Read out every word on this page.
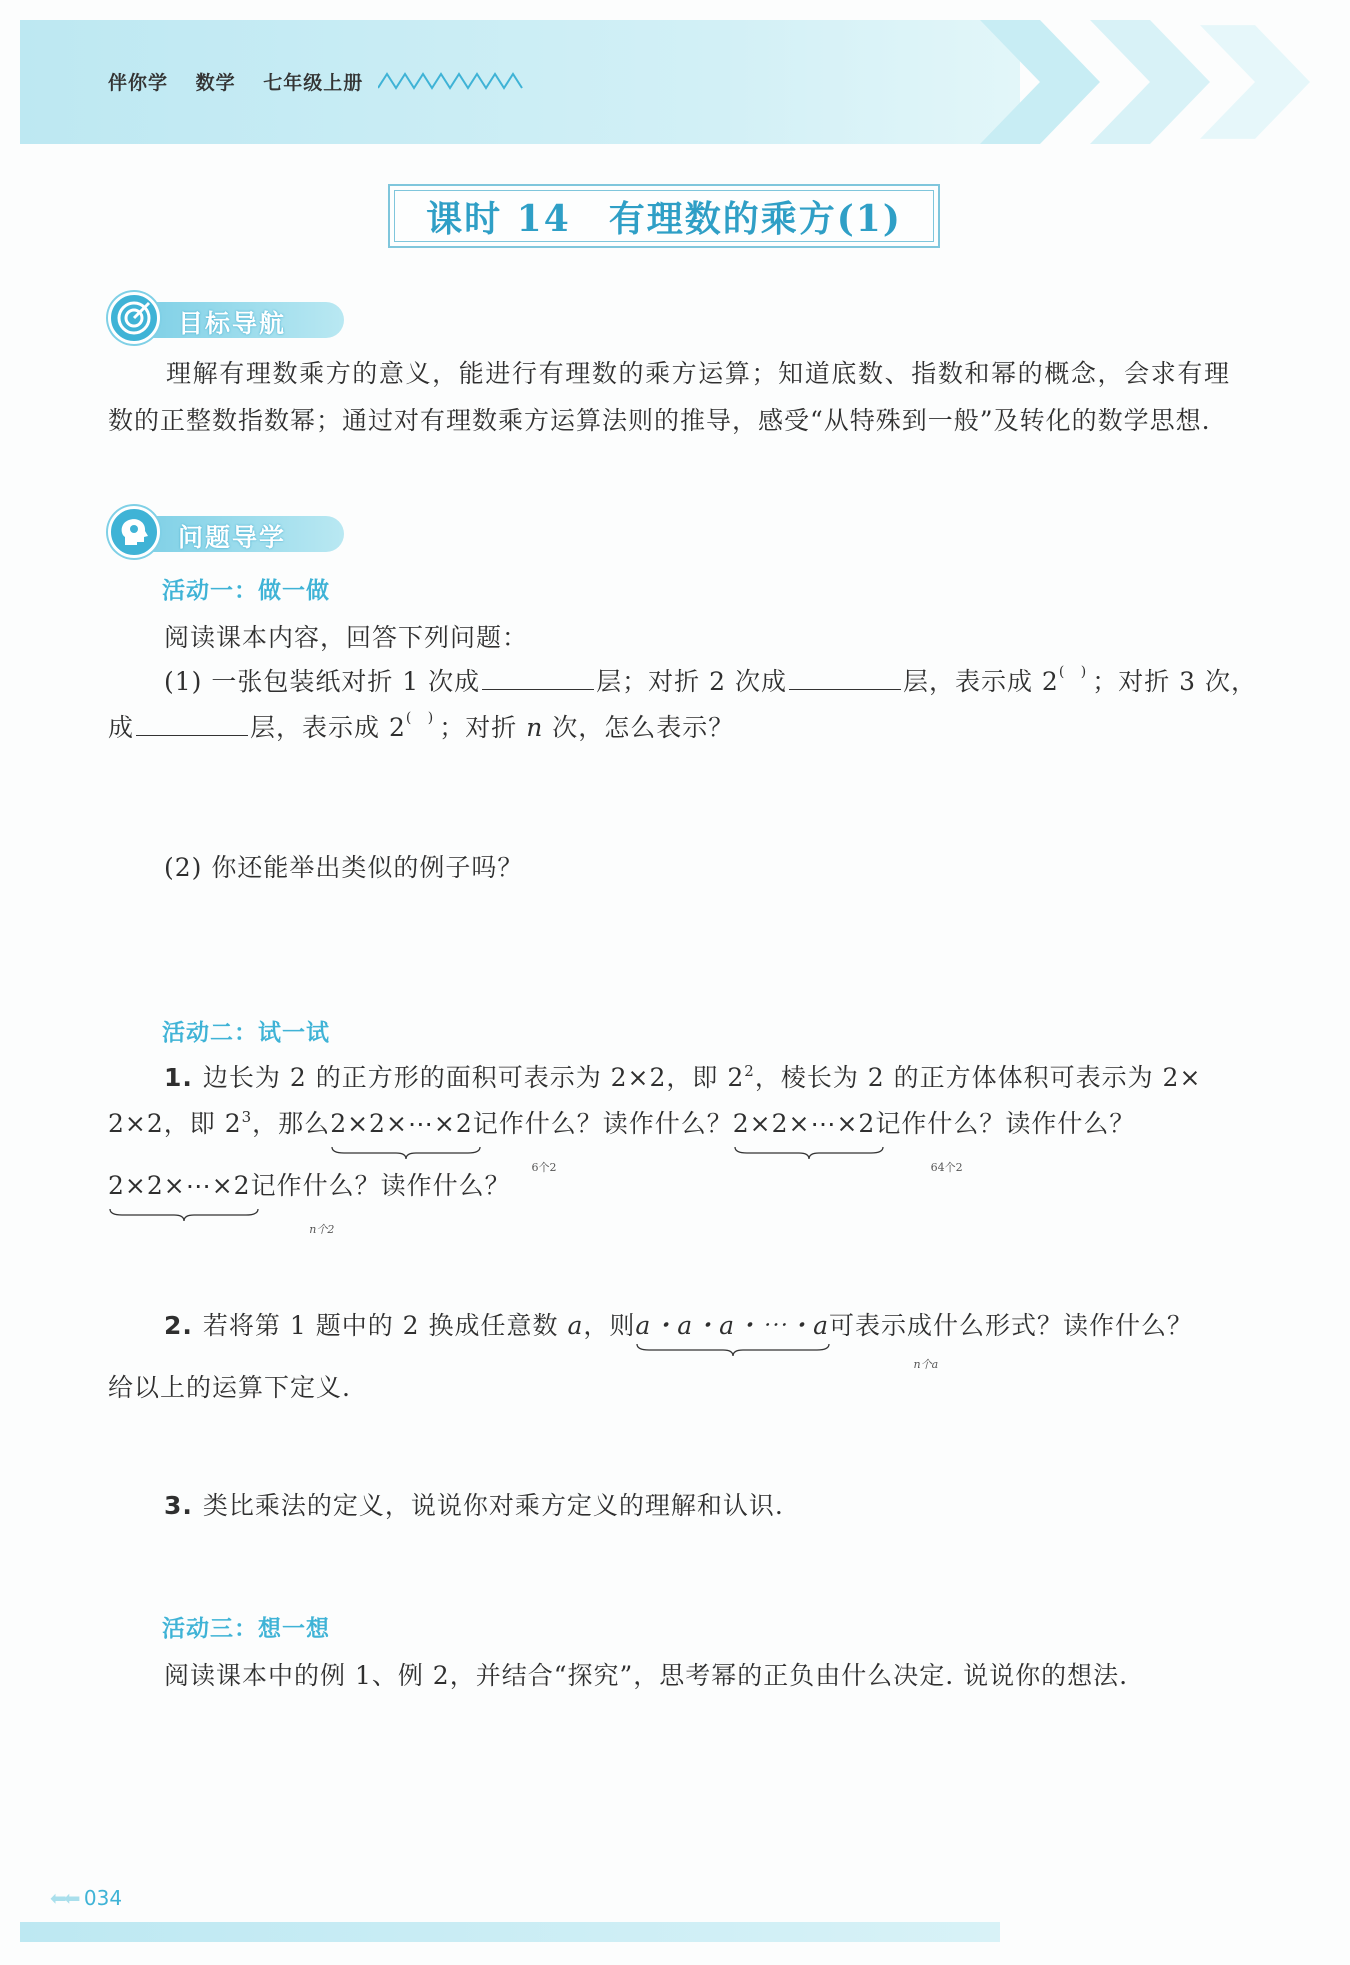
伴你学 数学 七年级上册
课时 14　有理数的乘方(1)
目标导航
理解有理数乘方的意义，能进行有理数的乘方运算；知道底数、指数和幂的概念，会求有理数的正整数指数幂；通过对有理数乘方运算法则的推导，感受“从特殊到一般”及转化的数学思想.
问题导学
活动一：做一做
阅读课本内容，回答下列问题：
(1) 一张包装纸对折 1 次成	层；对折 2 次成	层，表示成 2( )；对折 3 次，
成	层，表示成 2( )；对折 n 次，怎么表示？
(2) 你还能举出类似的例子吗？
活动二：试一试
1. 边长为 2 的正方形的面积可表示为 2×2，即 $2^2$，棱长为 2 的正方体体积可表示为 2×
2×2，即 $2^3$，那么2×2×⋯×2
6个2
记作什么？读作什么？2×2×⋯×2
64个2
记作什么？读作什么？
2×2×⋯×2
n个2
记作什么？读作什么？
2. 若将第 1 题中的 2 换成任意数 a，则a・a・a・⋯・a
n个a
可表示成什么形式？读作什么？
给以上的运算下定义.
3. 类比乘法的定义，说说你对乘方定义的理解和认识.
活动三：想一想
阅读课本中的例 1、例 2，并结合“探究”，思考幂的正负由什么决定. 说说你的想法.
⬅⬅ 034
